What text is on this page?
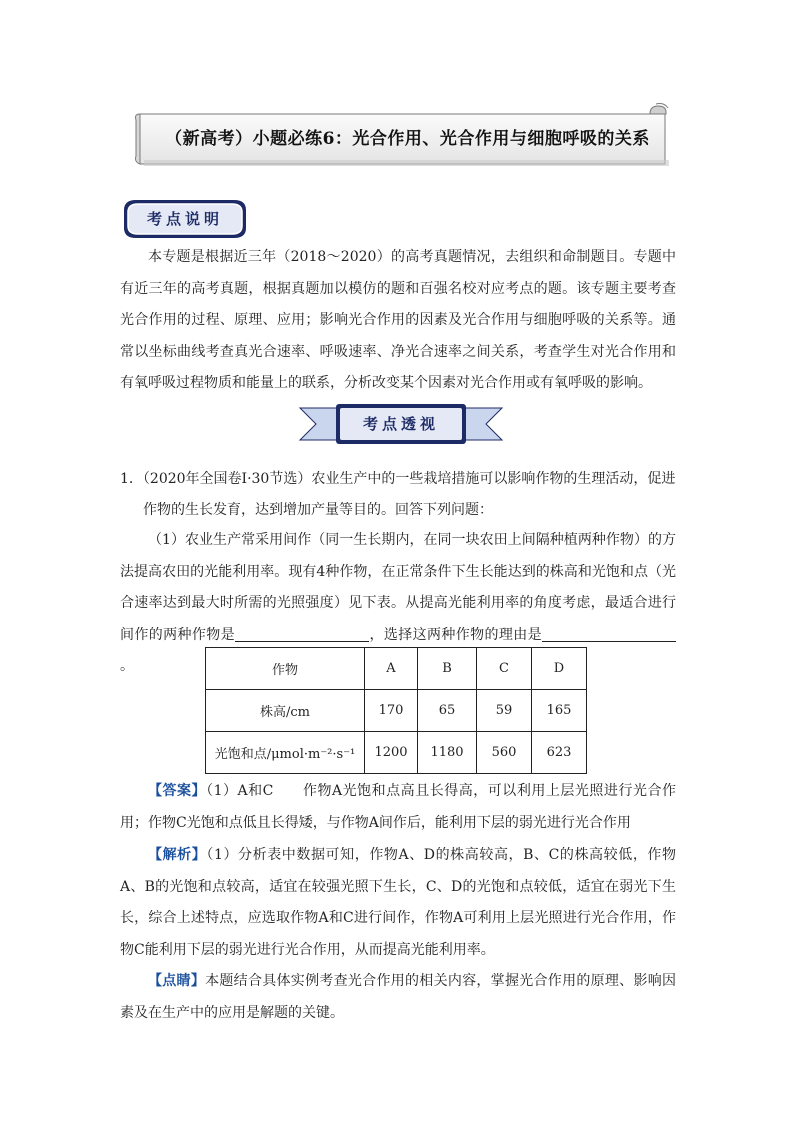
（新高考）小题必练6：光合作用、光合作用与细胞呼吸的关系
考点说明
本专题是根据近三年（2018～2020）的高考真题情况，去组织和命制题目。专题中有近三年的高考真题，根据真题加以模仿的题和百强名校对应考点的题。该专题主要考查光合作用的过程、原理、应用；影响光合作用的因素及光合作用与细胞呼吸的关系等。通常以坐标曲线考查真光合速率、呼吸速率、净光合速率之间关系，考查学生对光合作用和有氧呼吸过程物质和能量上的联系，分析改变某个因素对光合作用或有氧呼吸的影响。
考点透视
1．（2020年全国卷Ⅰ·30节选）农业生产中的一些栽培措施可以影响作物的生理活动，促进
作物的生长发育，达到增加产量等目的。回答下列问题：
（1）农业生产常采用间作（同一生长期内，在同一块农田上间隔种植两种作物）的方法提高农田的光能利用率。现有4种作物，在正常条件下生长能达到的株高和光饱和点（光合速率达到最大时所需的光照强度）见下表。从提高光能利用率的角度考虑，最适合进行间作的两种作物是	，选择这两种作物的理由是。	作物	A	B	C	D
株高/cm	170	65	59	165
光饱和点/μmol·m⁻²·s⁻¹	1200	1180	560	623
【答案】（1）A和C　　作物A光饱和点高且长得高，可以利用上层光照进行光合作用；作物C光饱和点低且长得矮，与作物A间作后，能利用下层的弱光进行光合作用
【解析】（1）分析表中数据可知，作物A、D的株高较高，B、C的株高较低，作物A、B的光饱和点较高，适宜在较强光照下生长，C、D的光饱和点较低，适宜在弱光下生长，综合上述特点，应选取作物A和C进行间作，作物A可利用上层光照进行光合作用，作物C能利用下层的弱光进行光合作用，从而提高光能利用率。
【点睛】本题结合具体实例考查光合作用的相关内容，掌握光合作用的原理、影响因素及在生产中的应用是解题的关键。
